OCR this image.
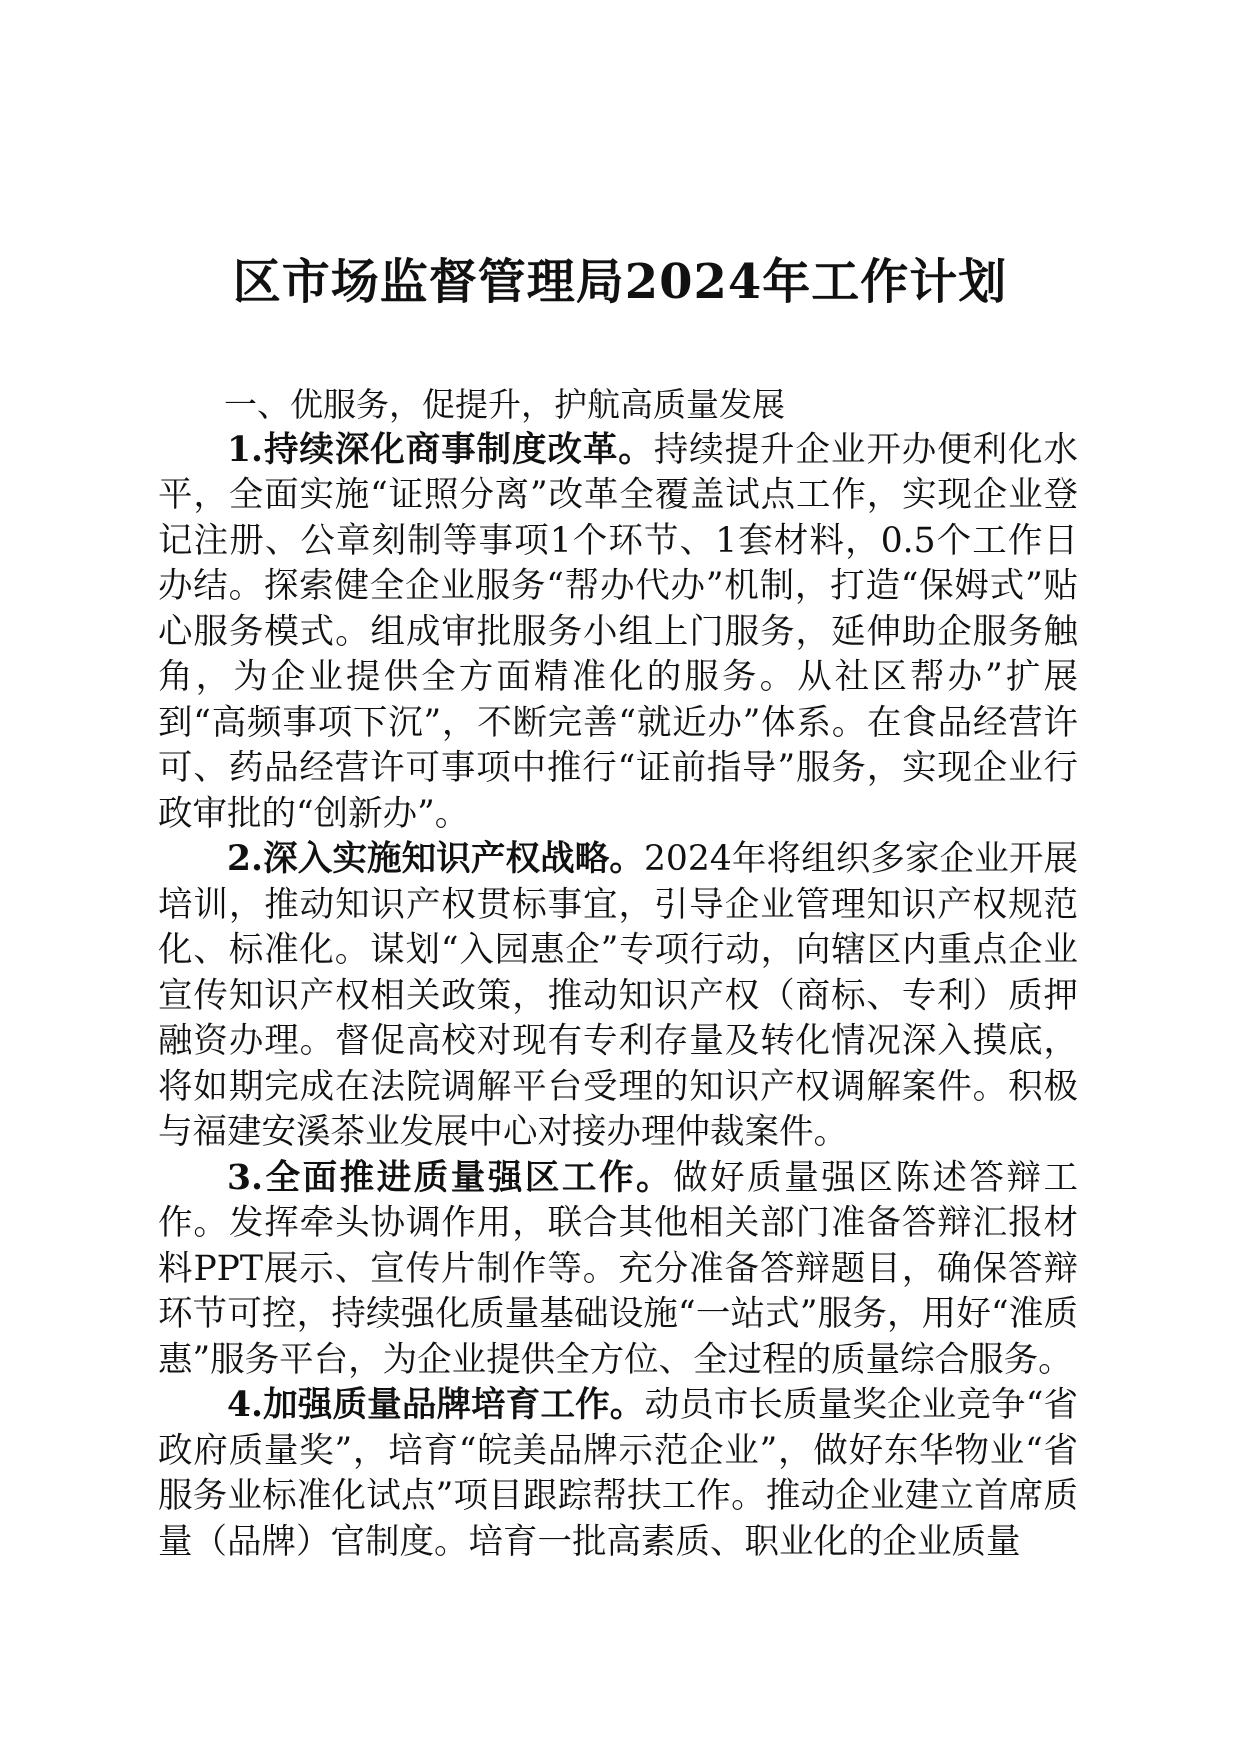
区市场监督管理局2024年工作计划

一、优服务，促提升，护航高质量发展

1.持续深化商事制度改革。持续提升企业开办便利化水平，全面实施“证照分离”改革全覆盖试点工作，实现企业登记注册、公章刻制等事项1个环节、1套材料，0.5个工作日办结。探索健全企业服务“帮办代办”机制，打造“保姆式”贴心服务模式。组成审批服务小组上门服务，延伸助企服务触角，为企业提供全方面精准化的服务。从社区帮办”扩展到“高频事项下沉”，不断完善“就近办”体系。在食品经营许可、药品经营许可事项中推行“证前指导”服务，实现企业行政审批的“创新办”。

2.深入实施知识产权战略。2024年将组织多家企业开展培训，推动知识产权贯标事宜，引导企业管理知识产权规范化、标准化。谋划“入园惠企”专项行动，向辖区内重点企业宣传知识产权相关政策，推动知识产权（商标、专利）质押融资办理。督促高校对现有专利存量及转化情况深入摸底，将如期完成在法院调解平台受理的知识产权调解案件。积极与福建安溪茶业发展中心对接办理仲裁案件。

3.全面推进质量强区工作。做好质量强区陈述答辩工作。发挥牵头协调作用，联合其他相关部门准备答辩汇报材料PPT展示、宣传片制作等。充分准备答辩题目，确保答辩环节可控，持续强化质量基础设施“一站式”服务，用好“淮质惠”服务平台，为企业提供全方位、全过程的质量综合服务。

4.加强质量品牌培育工作。动员市长质量奖企业竞争“省政府质量奖”，培育“皖美品牌示范企业”，做好东华物业“省服务业标准化试点”项目跟踪帮扶工作。推动企业建立首席质量（品牌）官制度。培育一批高素质、职业化的企业质量
